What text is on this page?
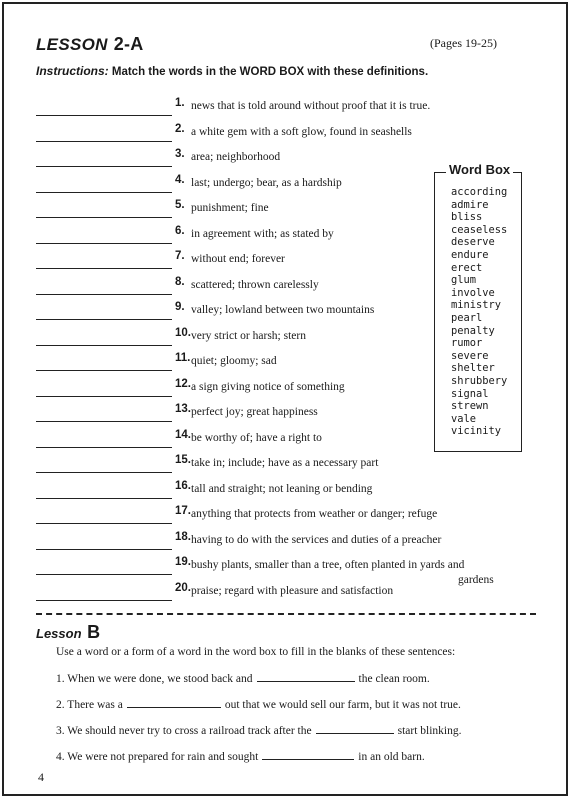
LESSON 2-A	(Pages 19-25)
Instructions: Match the words in the WORD BOX with these definitions.
1. news that is told around without proof that it is true.
2. a white gem with a soft glow, found in seashells
3. area; neighborhood
4. last; undergo; bear, as a hardship
5. punishment; fine
6. in agreement with; as stated by
7. without end; forever
8. scattered; thrown carelessly
9. valley; lowland between two mountains
10. very strict or harsh; stern
11. quiet; gloomy; sad
12. a sign giving notice of something
13. perfect joy; great happiness
14. be worthy of; have a right to
15. take in; include; have as a necessary part
16. tall and straight; not leaning or bending
17. anything that protects from weather or danger; refuge
18. having to do with the services and duties of a preacher
19. bushy plants, smaller than a tree, often planted in yards and
gardens
20. praise; regard with pleasure and satisfaction
Word Box
according
admire
bliss
ceaseless
deserve
endure
erect
glum
involve
ministry
pearl
penalty
rumor
severe
shelter
shrubbery
signal
strewn
vale
vicinity
Lesson B
Use a word or a form of a word in the word box to fill in the blanks of these sentences:
1. When we were done, we stood back and	the clean room.
2. There was a	out that we would sell our farm, but it was not true.
3. We should never try to cross a railroad track after the	start blinking.
4. We were not prepared for rain and sought	in an old barn.
4
